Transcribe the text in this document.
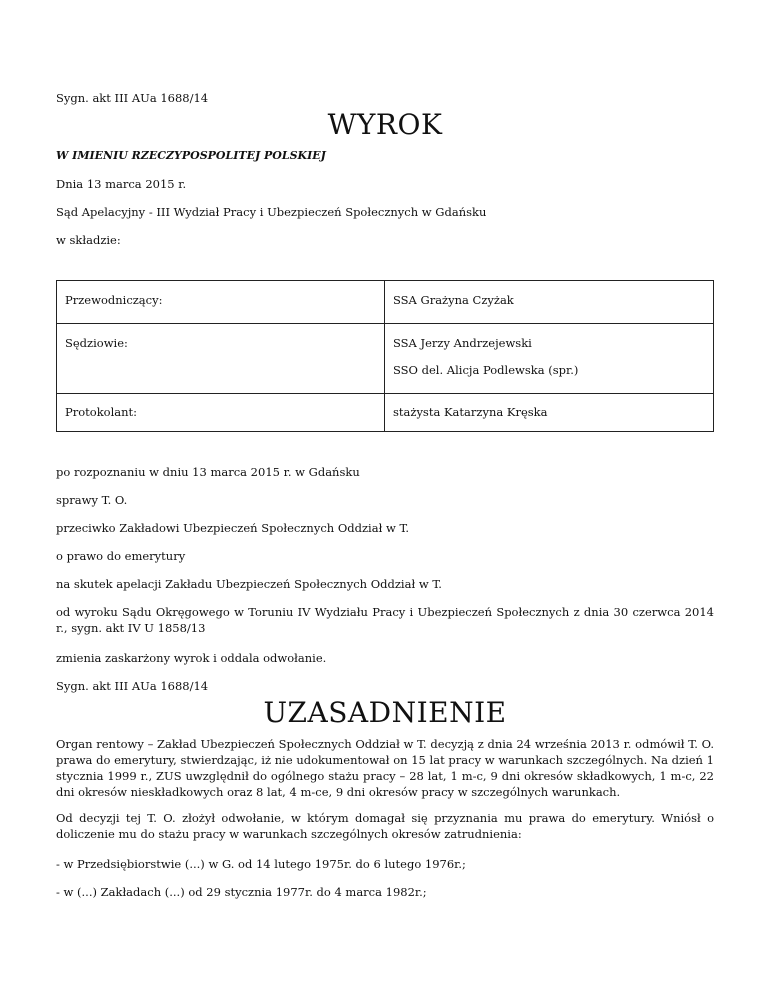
Sygn. akt III AUa 1688/14
WYROK
W IMIENIU RZECZYPOSPOLITEJ POLSKIEJ
Dnia 13 marca 2015 r.
Sąd Apelacyjny - III Wydział Pracy i Ubezpieczeń Społecznych w Gdańsku
w składzie:
Przewodniczący:	SSA Grażyna Czyżak

Sędziowie:	SSA Jerzy Andrzejewski
SSO del. Alicja Podlewska (spr.)

Protokolant:	stażysta Katarzyna Kręska
po rozpoznaniu w dniu 13 marca 2015 r. w Gdańsku
sprawy T. O.
przeciwko Zakładowi Ubezpieczeń Społecznych Oddział w T.
o prawo do emerytury
na skutek apelacji Zakładu Ubezpieczeń Społecznych Oddział w T.
od wyroku Sądu Okręgowego w Toruniu IV Wydziału Pracy i Ubezpieczeń Społecznych z dnia 30 czerwca 2014 r., sygn. akt IV U 1858/13
zmienia zaskarżony wyrok i oddala odwołanie.
Sygn. akt III AUa 1688/14
UZASADNIENIE
Organ rentowy – Zakład Ubezpieczeń Społecznych Oddział w T. decyzją z dnia 24 września 2013 r. odmówił T. O. prawa do emerytury, stwierdzając, iż nie udokumentował on 15 lat pracy w warunkach szczególnych. Na dzień 1 stycznia 1999 r., ZUS uwzględnił do ogólnego stażu pracy – 28 lat, 1 m-c, 9 dni okresów składkowych, 1 m-c, 22 dni okresów nieskładkowych oraz 8 lat, 4 m-ce, 9 dni okresów pracy w szczególnych warunkach.
Od decyzji tej T. O. złożył odwołanie, w którym domagał się przyznania mu prawa do emerytury. Wniósł o doliczenie mu do stażu pracy w warunkach szczególnych okresów zatrudnienia:
- w Przedsiębiorstwie (...) w G. od 14 lutego 1975r. do 6 lutego 1976r.;
- w (...) Zakładach (...) od 29 stycznia 1977r. do 4 marca 1982r.;
